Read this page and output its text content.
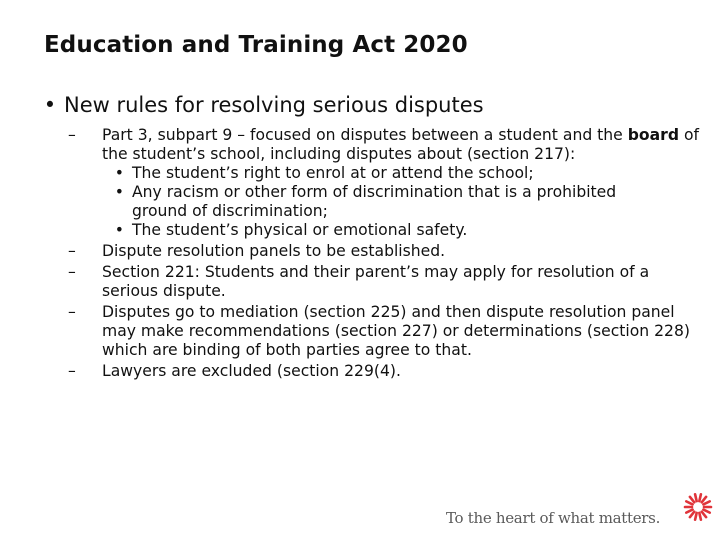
Education and Training Act 2020
• New rules for resolving serious disputes
–	Part 3, subpart 9 – focused on disputes between a student and the board of the student’s school, including disputes about (section 217):
• The student’s right to enrol at or attend the school;
• Any racism or other form of discrimination that is a prohibited ground of discrimination;
• The student’s physical or emotional safety.
–	Dispute resolution panels to be established.
–	Section 221: Students and their parent’s may apply for resolution of a serious dispute.
–	Disputes go to mediation (section 225) and then dispute resolution panel may make recommendations (section 227) or determinations (section 228) which are binding of both parties agree to that.
–	Lawyers are excluded (section 229(4).
To the heart of what matters.
